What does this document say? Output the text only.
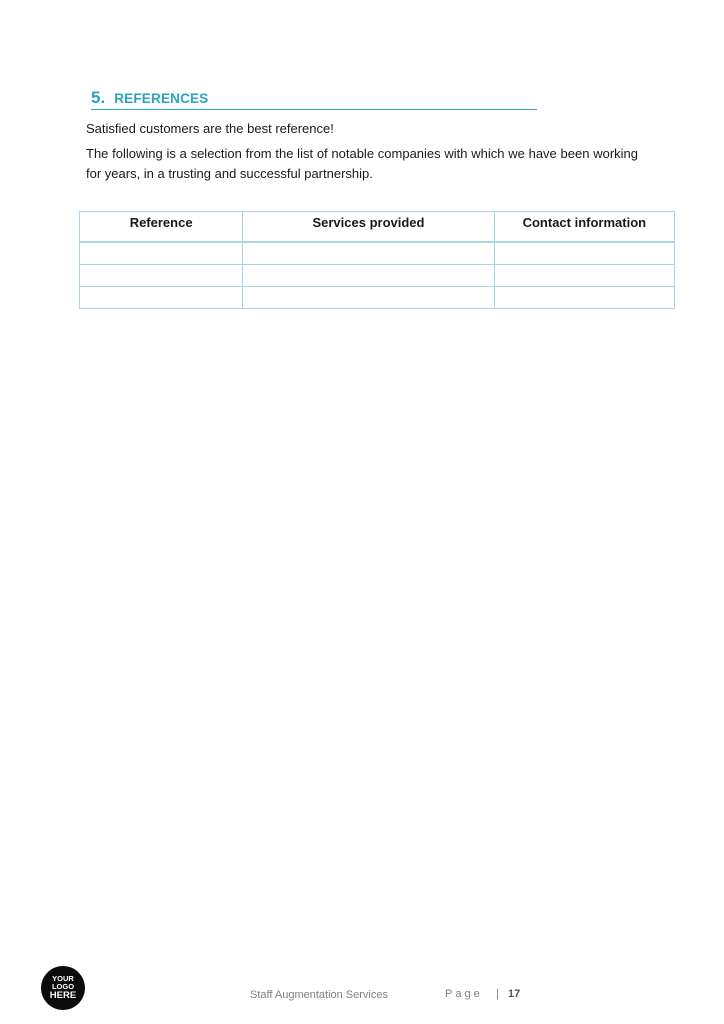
5. REFERENCES

Satisfied customers are the best reference!

The following is a selection from the list of notable companies with which we have been working for years, in a trusting and successful partnership.

Reference	Services provided	Contact information

YOUR
LOGO
HERE	Staff Augmentation Services	Page | 17
